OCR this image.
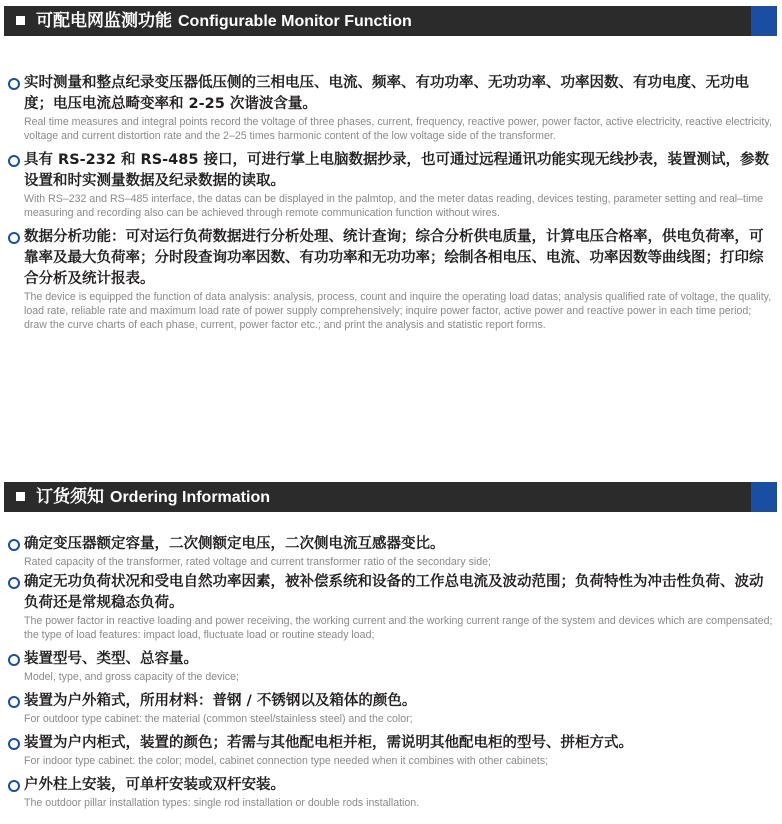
可配电网监测功能 Configurable Monitor Function
实时测量和整点纪录变压器低压侧的三相电压、电流、频率、有功功率、无功功率、功率因数、有功电度、无功电度；电压电流总畸变率和 2-25 次谐波含量。
Real time measures and integral points record the voltage of three phases, current, frequency, reactive power, power factor, active electricity, reactive electricity, voltage and current distortion rate and the 2–25 times harmonic content of the low voltage side of the transformer.
具有 RS-232 和 RS-485 接口，可进行掌上电脑数据抄录，也可通过远程通讯功能实现无线抄表，装置测试，参数设置和时实测量数据及纪录数据的读取。
With RS–232 and RS–485 interface, the datas can be displayed in the palmtop, and the meter datas reading, devices testing, parameter setting and real–time measuring and recording also can be achieved through remote communication function without wires.
数据分析功能：可对运行负荷数据进行分析处理、统计查询；综合分析供电质量，计算电压合格率，供电负荷率，可靠率及最大负荷率；分时段查询功率因数、有功功率和无功功率；绘制各相电压、电流、功率因数等曲线图；打印综合分析及统计报表。
The device is equipped the function of data analysis: analysis, process, count and inquire the operating load datas; analysis qualified rate of voltage, the quality, load rate, reliable rate and maximum load rate of power supply comprehensively; inquire power factor, active power and reactive power in each time period; draw the curve charts of each phase, current, power factor etc.; and print the analysis and statistic report forms.
订货须知 Ordering Information
确定变压器额定容量，二次侧额定电压，二次侧电流互感器变比。
Rated capacity of the transformer, rated voltage and current transformer ratio of the secondary side;
确定无功负荷状况和受电自然功率因素，被补偿系统和设备的工作总电流及波动范围；负荷特性为冲击性负荷、波动负荷还是常规稳态负荷。
The power factor in reactive loading and power receiving, the working current and the working current range of the system and devices which are compensated; the type of load features: impact load, fluctuate load or routine steady load;
装置型号、类型、总容量。
Model, type, and gross capacity of the device;
装置为户外箱式，所用材料：普钢 / 不锈钢以及箱体的颜色。
For outdoor type cabinet: the material (common steel/stainless steel) and the color;
装置为户内柜式，装置的颜色；若需与其他配电柜并柜，需说明其他配电柜的型号、拼柜方式。
For indoor type cabinet: the color; model, cabinet connection type needed when it combines with other cabinets;
户外柱上安装，可单杆安装或双杆安装。
The outdoor pillar installation types: single rod installation or double rods installation.
